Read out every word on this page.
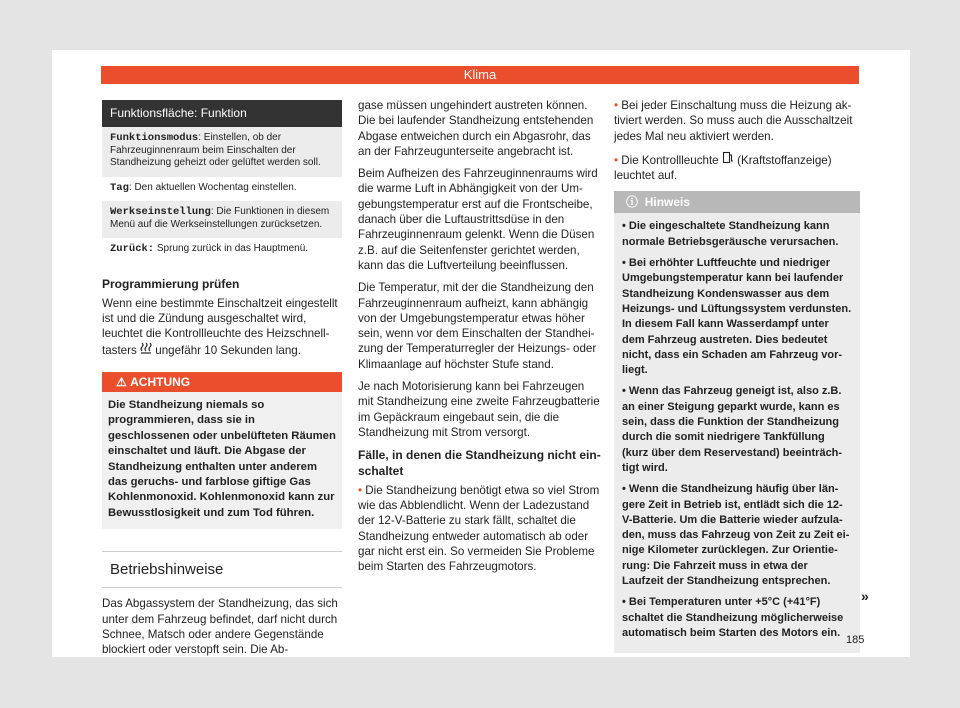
Klima
Funktionsfläche: Funktion
Funktionsmodus: Einstellen, ob der Fahrzeuginnenraum beim Einschalten der Standheizung geheizt oder gelüftet werden soll.
Tag: Den aktuellen Wochentag einstellen.
Werkseinstellung: Die Funktionen in diesem Menü auf die Werkseinstellungen zurücksetzen.
Zurück: Sprung zurück in das Hauptmenü.
Programmierung prüfen

Wenn eine bestimmte Einschaltzeit eingestellt ist und die Zündung ausgeschaltet wird, leuchtet die Kontrollleuchte des Heizschnelltasters ungefähr 10 Sekunden lang.

⚠ ACHTUNG
Die Standheizung niemals so programmieren, dass sie in geschlossenen oder unbelüfteten Räumen einschaltet und läuft. Die Abgase der Standheizung enthalten unter anderem das geruchs- und farblose giftige Gas Kohlenmonoxid. Kohlenmonoxid kann zur Bewusstlosigkeit und zum Tod führen.
Betriebshinweise

Das Abgassystem der Standheizung, das sich unter dem Fahrzeug befindet, darf nicht durch Schnee, Matsch oder andere Gegenstände blockiert oder verstopft sein. Die Ab-

gase müssen ungehindert austreten können. Die bei laufender Standheizung entstehenden Abgase entweichen durch ein Abgasrohr, das an der Fahrzeugunterseite angebracht ist.

Beim Aufheizen des Fahrzeuginnenraums wird die warme Luft in Abhängigkeit von der Umgebungstemperatur erst auf die Frontscheibe, danach über die Luftaustrittsdüse in den Fahrzeuginnenraum gelenkt. Wenn die Düsen z.B. auf die Seitenfenster gerichtet werden, kann das die Luftverteilung beeinflussen.

Die Temperatur, mit der die Standheizung den Fahrzeuginnenraum aufheizt, kann abhängig von der Umgebungstemperatur etwas höher sein, wenn vor dem Einschalten der Standheizung der Temperaturregler der Heizungs- oder Klimaanlage auf höchster Stufe stand.

Je nach Motorisierung kann bei Fahrzeugen mit Standheizung eine zweite Fahrzeugbatterie im Gepäckraum eingebaut sein, die die Standheizung mit Strom versorgt.

Fälle, in denen die Standheizung nicht einschaltet

• Die Standheizung benötigt etwa so viel Strom wie das Abblendlicht. Wenn der Ladezustand der 12-V-Batterie zu stark fällt, schaltet die Standheizung entweder automatisch ab oder gar nicht erst ein. So vermeiden Sie Probleme beim Starten des Fahrzeugmotors.

• Bei jeder Einschaltung muss die Heizung aktiviert werden. So muss auch die Ausschaltzeit jedes Mal neu aktiviert werden.

• Die Kontrollleuchte (Kraftstoffanzeige) leuchtet auf.

ⓘ Hinweis

• Die eingeschaltete Standheizung kann normale Betriebsgeräusche verursachen.

• Bei erhöhter Luftfeuchte und niedriger Umgebungstemperatur kann bei laufender Standheizung Kondenswasser aus dem Heizungs- und Lüftungssystem verdunsten. In diesem Fall kann Wasserdampf unter dem Fahrzeug austreten. Dies bedeutet nicht, dass ein Schaden am Fahrzeug vorliegt.

• Wenn das Fahrzeug geneigt ist, also z.B. an einer Steigung geparkt wurde, kann es sein, dass die Funktion der Standheizung durch die somit niedrigere Tankfüllung (kurz über dem Reservestand) beeinträchtigt wird.

• Wenn die Standheizung häufig über längere Zeit in Betrieb ist, entlädt sich die 12-V-Batterie. Um die Batterie wieder aufzuladen, muss das Fahrzeug von Zeit zu Zeit einige Kilometer zurücklegen. Zur Orientierung: Die Fahrzeit muss in etwa der Laufzeit der Standheizung entsprechen.

• Bei Temperaturen unter +5°C (+41°F) schaltet die Standheizung möglicherweise automatisch beim Starten des Motors ein.

»
185
